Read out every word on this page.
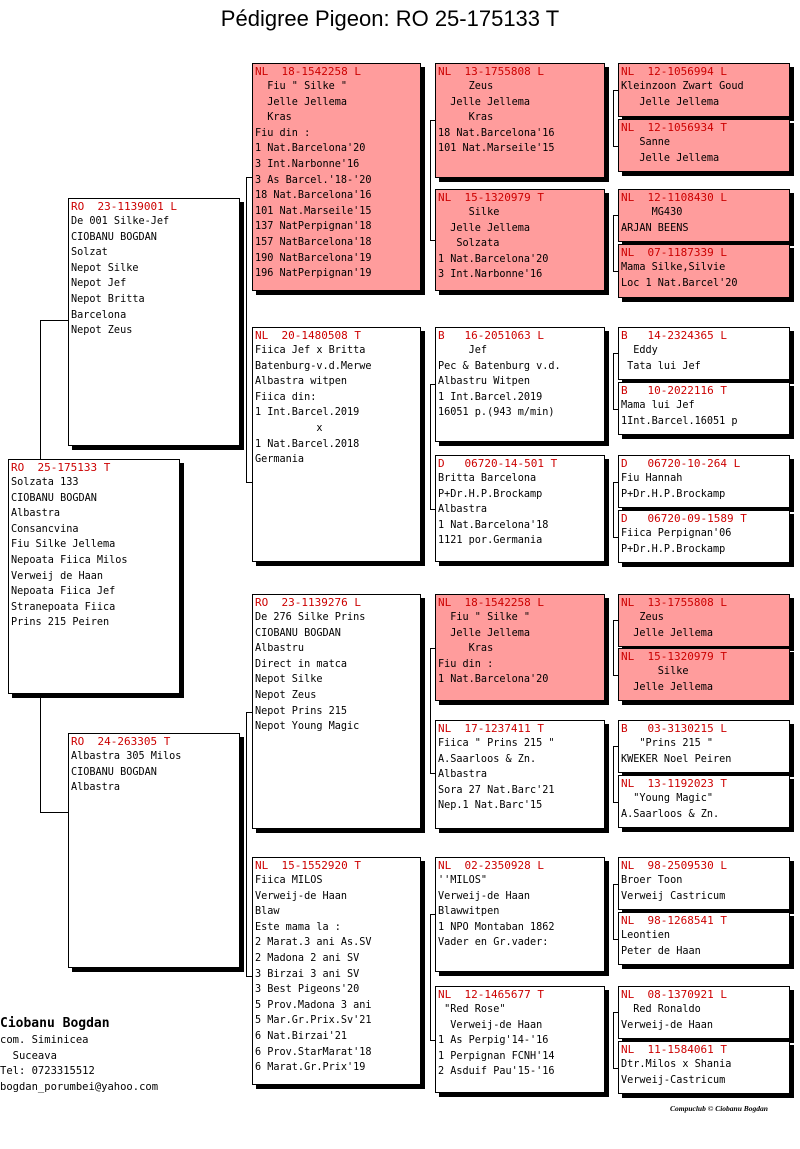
Pédigree Pigeon: RO 25-175133 T
RO  25-175133 T
Solzata 133
CIOBANU BOGDAN
Albastra
Consancvina
Fiu Silke Jellema
Nepoata Fiica Milos
Verweij de Haan
Nepoata Fiica Jef
Stranepoata Fiica
Prins 215 Peiren
RO  23-1139001 L
De 001 Silke-Jef
CIOBANU BOGDAN
Solzat
Nepot Silke
Nepot Jef
Nepot Britta
Barcelona
Nepot Zeus
RO  24-263305 T
Albastra 305 Milos
CIOBANU BOGDAN
Albastra
NL  18-1542258 L
Fiu " Silke "
Jelle Jellema
Kras
Fiu din :
1 Nat.Barcelona'20
3 Int.Narbonne'16
3 As Barcel.'18-'20
18 Nat.Barcelona'16
101 Nat.Marseile'15
137 NatPerpignan'18
157 NatBarcelona'18
190 NatBarcelona'19
196 NatPerpignan'19
NL  20-1480508 T
Fiica Jef x Britta
Batenburg-v.d.Merwe
Albastra witpen
Fiica din:
1 Int.Barcel.2019
x
1 Nat.Barcel.2018
Germania
RO  23-1139276 L
De 276 Silke Prins
CIOBANU BOGDAN
Albastru
Direct in matca
Nepot Silke
Nepot Zeus
Nepot Prins 215
Nepot Young Magic
NL  15-1552920 T
Fiica MILOS
Verweij-de Haan
Blaw
Este mama la :
2 Marat.3 ani As.SV
2 Madona 2 ani SV
3 Birzai 3 ani SV
3 Best Pigeons'20
5 Prov.Madona 3 ani
5 Mar.Gr.Prix.Sv'21
6 Nat.Birzai'21
6 Prov.StarMarat'18
6 Marat.Gr.Prix'19
NL  13-1755808 L
Zeus
Jelle Jellema
Kras
18 Nat.Barcelona'16
101 Nat.Marseile'15
NL  15-1320979 T
Silke
Jelle Jellema
Solzata
1 Nat.Barcelona'20
3 Int.Narbonne'16
B   16-2051063 L
Jef
Pec & Batenburg v.d.
Albastru Witpen
1 Int.Barcel.2019
16051 p.(943 m/min)
D   06720-14-501 T
Britta Barcelona
P+Dr.H.P.Brockamp
Albastra
1 Nat.Barcelona'18
1121 por.Germania
NL  18-1542258 L
Fiu " Silke "
Jelle Jellema
Kras
Fiu din :
1 Nat.Barcelona'20
NL  17-1237411 T
Fiica " Prins 215 "
A.Saarloos & Zn.
Albastra
Sora 27 Nat.Barc'21
Nep.1 Nat.Barc'15
NL  02-2350928 L
''MILOS"
Verweij-de Haan
Blawwitpen
1 NPO Montaban 1862
Vader en Gr.vader:
NL  12-1465677 T
"Red Rose"
Verweij-de Haan
1 As Perpig'14-'16
1 Perpignan FCNH'14
2 Asduif Pau'15-'16
NL  12-1056994 L
Kleinzoon Zwart Goud
Jelle Jellema
NL  12-1056934 T
Sanne
Jelle Jellema
NL  12-1108430 L
MG430
ARJAN BEENS
NL  07-1187339 L
Mama Silke,Silvie
Loc 1 Nat.Barcel'20
B   14-2324365 L
Eddy
Tata lui Jef
B   10-2022116 T
Mama lui Jef
1Int.Barcel.16051 p
D   06720-10-264 L
Fiu Hannah
P+Dr.H.P.Brockamp
D   06720-09-1589 T
Fiica Perpignan'06
P+Dr.H.P.Brockamp
NL  13-1755808 L
Zeus
Jelle Jellema
NL  15-1320979 T
Silke
Jelle Jellema
B   03-3130215 L
"Prins 215 "
KWEKER Noel Peiren
NL  13-1192023 T
"Young Magic"
A.Saarloos & Zn.
NL  98-2509530 L
Broer Toon
Verweij Castricum
NL  98-1268541 T
Leontien
Peter de Haan
NL  08-1370921 L
Red Ronaldo
Verweij-de Haan
NL  11-1584061 T
Dtr.Milos x Shania
Verweij-Castricum
Ciobanu Bogdan
com. Siminicea
Suceava
Tel: 0723315512
bogdan_porumbei@yahoo.com
Compuclub © Ciobanu Bogdan
